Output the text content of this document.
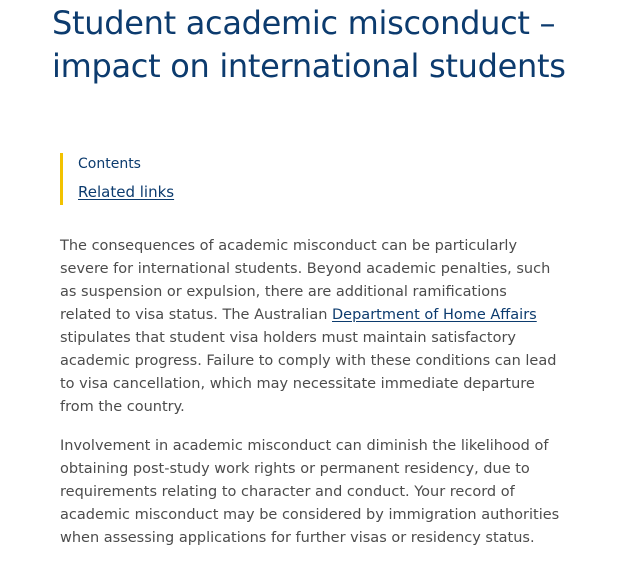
Student academic misconduct – impact on international students
Contents
Related links

The consequences of academic misconduct can be particularly severe for international students. Beyond academic penalties, such as suspension or expulsion, there are additional ramifications related to visa status. The Australian Department of Home Affairs stipulates that student visa holders must maintain satisfactory academic progress. Failure to comply with these conditions can lead to visa cancellation, which may necessitate immediate departure from the country.

Involvement in academic misconduct can diminish the likelihood of obtaining post-study work rights or permanent residency, due to requirements relating to character and conduct. Your record of academic misconduct may be considered by immigration authorities when assessing applications for further visas or residency status.
